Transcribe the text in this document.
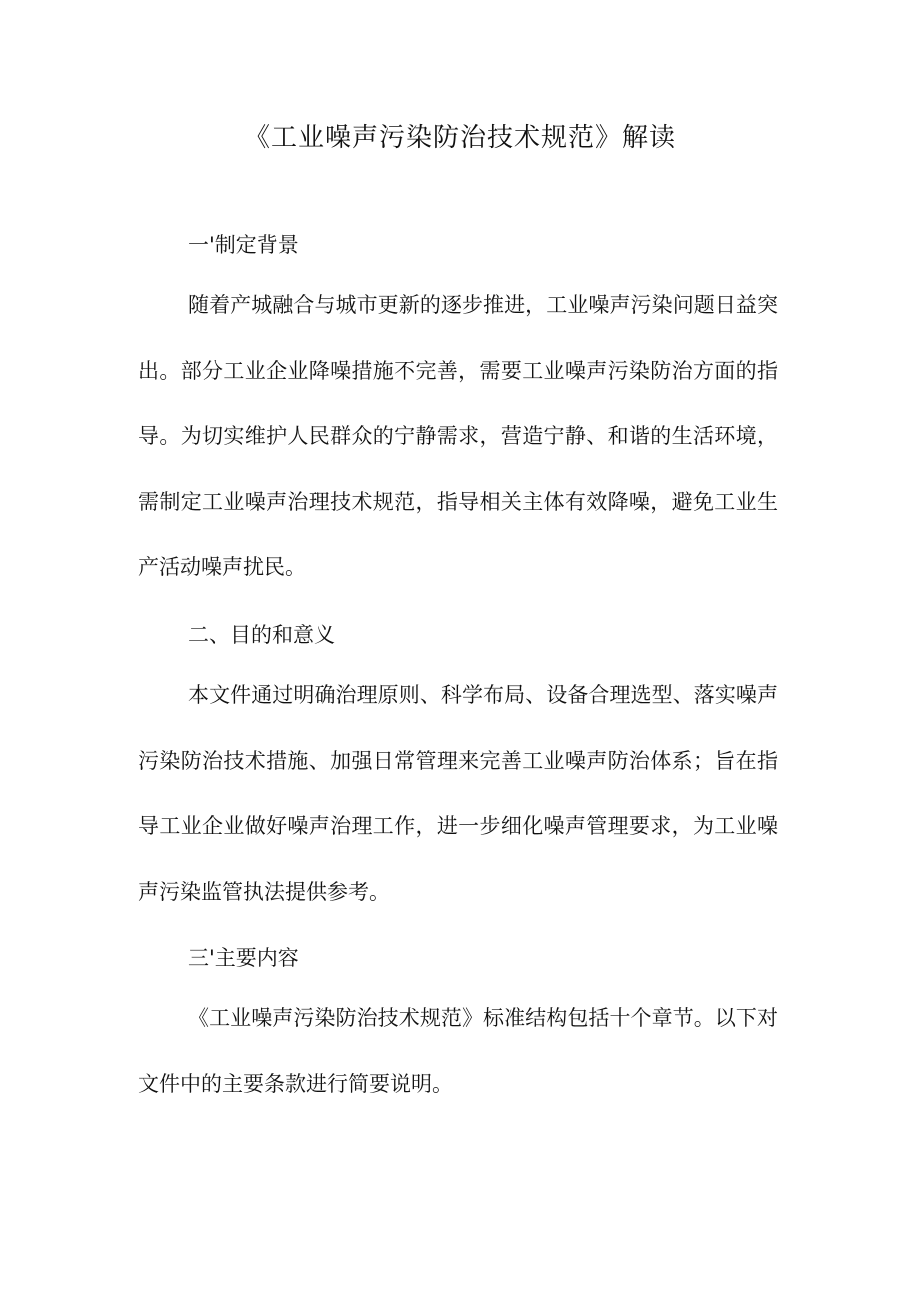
《工业噪声污染防治技术规范》解读
一'制定背景

随着产城融合与城市更新的逐步推进，工业噪声污染问题日益突出。部分工业企业降噪措施不完善，需要工业噪声污染防治方面的指导。为切实维护人民群众的宁静需求，营造宁静、和谐的生活环境，需制定工业噪声治理技术规范，指导相关主体有效降噪，避免工业生产活动噪声扰民。

二、目的和意义

本文件通过明确治理原则、科学布局、设备合理选型、落实噪声污染防治技术措施、加强日常管理来完善工业噪声防治体系；旨在指导工业企业做好噪声治理工作，进一步细化噪声管理要求，为工业噪声污染监管执法提供参考。

三'主要内容

《工业噪声污染防治技术规范》标准结构包括十个章节。以下对文件中的主要条款进行简要说明。
